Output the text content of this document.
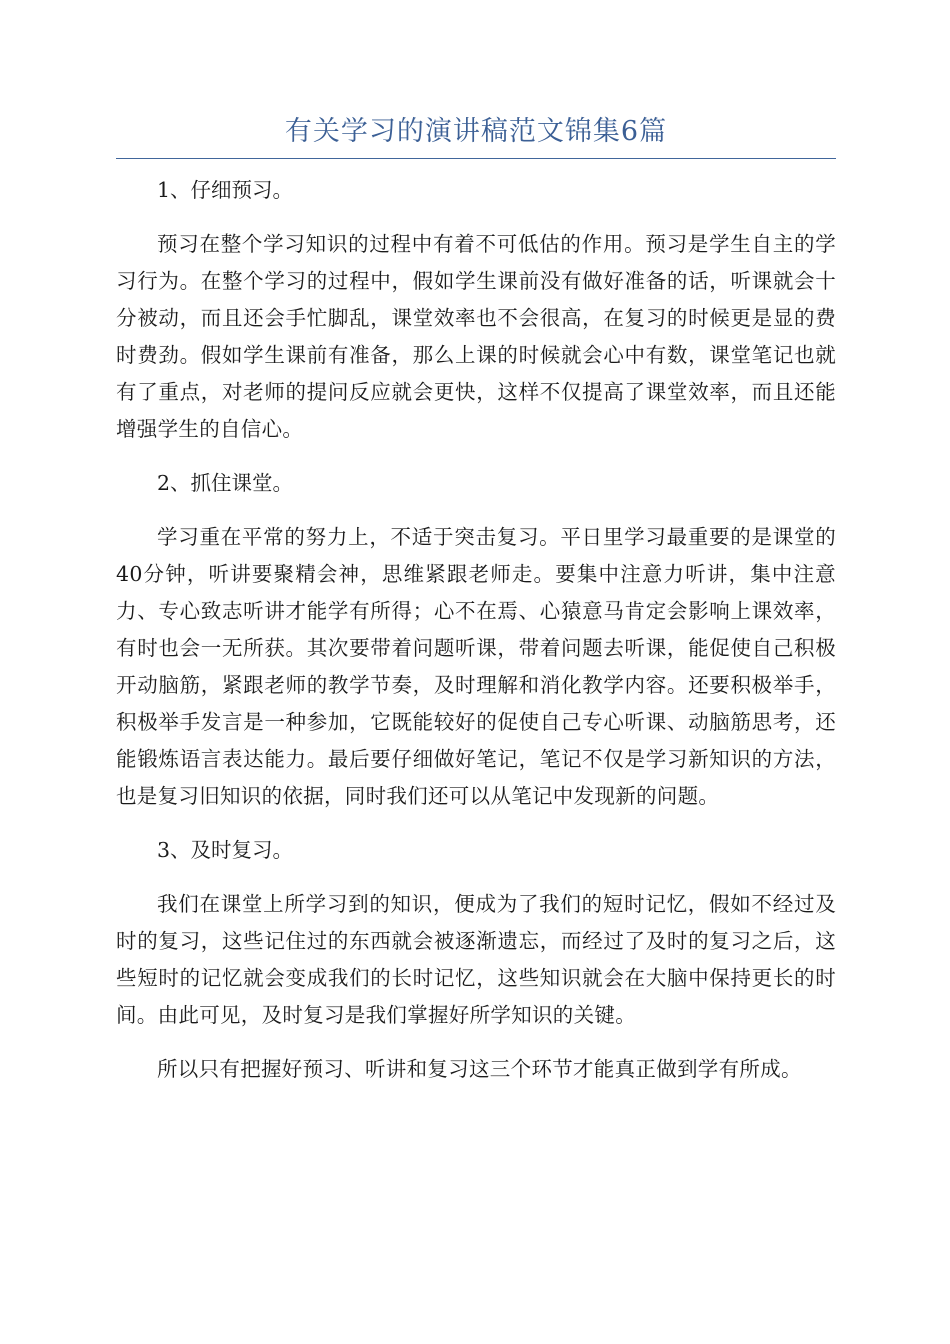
有关学习的演讲稿范文锦集6篇

1、仔细预习。

预习在整个学习知识的过程中有着不可低估的作用。预习是学生自主的学习行为。在整个学习的过程中，假如学生课前没有做好准备的话，听课就会十分被动，而且还会手忙脚乱，课堂效率也不会很高，在复习的时候更是显的费时费劲。假如学生课前有准备，那么上课的时候就会心中有数，课堂笔记也就有了重点，对老师的提问反应就会更快，这样不仅提高了课堂效率，而且还能增强学生的自信心。

2、抓住课堂。

学习重在平常的努力上，不适于突击复习。平日里学习最重要的是课堂的40分钟，听讲要聚精会神，思维紧跟老师走。要集中注意力听讲，集中注意力、专心致志听讲才能学有所得；心不在焉、心猿意马肯定会影响上课效率，有时也会一无所获。其次要带着问题听课，带着问题去听课，能促使自己积极开动脑筋，紧跟老师的教学节奏，及时理解和消化教学内容。还要积极举手，积极举手发言是一种参加，它既能较好的促使自己专心听课、动脑筋思考，还能锻炼语言表达能力。最后要仔细做好笔记，笔记不仅是学习新知识的方法，也是复习旧知识的依据，同时我们还可以从笔记中发现新的问题。

3、及时复习。

我们在课堂上所学习到的知识，便成为了我们的短时记忆，假如不经过及时的复习，这些记住过的东西就会被逐渐遗忘，而经过了及时的复习之后，这些短时的记忆就会变成我们的长时记忆，这些知识就会在大脑中保持更长的时间。由此可见，及时复习是我们掌握好所学知识的关键。

所以只有把握好预习、听讲和复习这三个环节才能真正做到学有所成。
